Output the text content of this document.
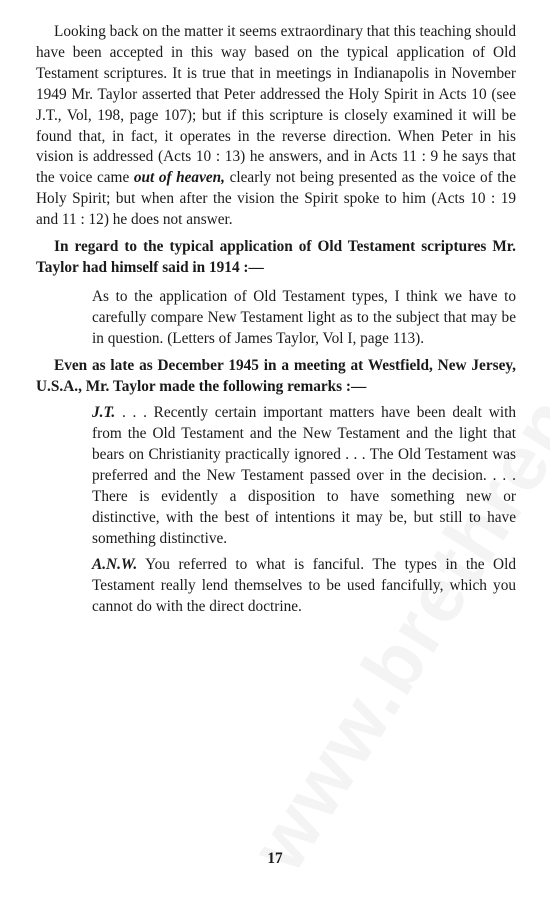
Looking back on the matter it seems extraordinary that this teaching should have been accepted in this way based on the typical application of Old Testament scriptures. It is true that in meetings in Indianapolis in November 1949 Mr. Taylor asserted that Peter addressed the Holy Spirit in Acts 10 (see J.T., Vol, 198, page 107); but if this scripture is closely examined it will be found that, in fact, it operates in the reverse direction. When Peter in his vision is addressed (Acts 10 : 13) he answers, and in Acts 11 : 9 he says that the voice came out of heaven, clearly not being presented as the voice of the Holy Spirit; but when after the vision the Spirit spoke to him (Acts 10 : 19 and 11 : 12) he does not answer.

In regard to the typical application of Old Testament scriptures Mr. Taylor had himself said in 1914 :—

As to the application of Old Testament types, I think we have to carefully compare New Testament light as to the subject that may be in question. (Letters of James Taylor, Vol I, page 113).

Even as late as December 1945 in a meeting at Westfield, New Jersey, U.S.A., Mr. Taylor made the following remarks :—

J.T. . . . Recently certain important matters have been dealt with from the Old Testament and the New Testament and the light that bears on Christianity practically ignored . . . The Old Testament was preferred and the New Testament passed over in the decision. . . . There is evidently a disposition to have something new or distinctive, with the best of intentions it may be, but still to have something distinctive.

A.N.W. You referred to what is fanciful. The types in the Old Testament really lend themselves to be used fancifully, which you cannot do with the direct doctrine.

17
